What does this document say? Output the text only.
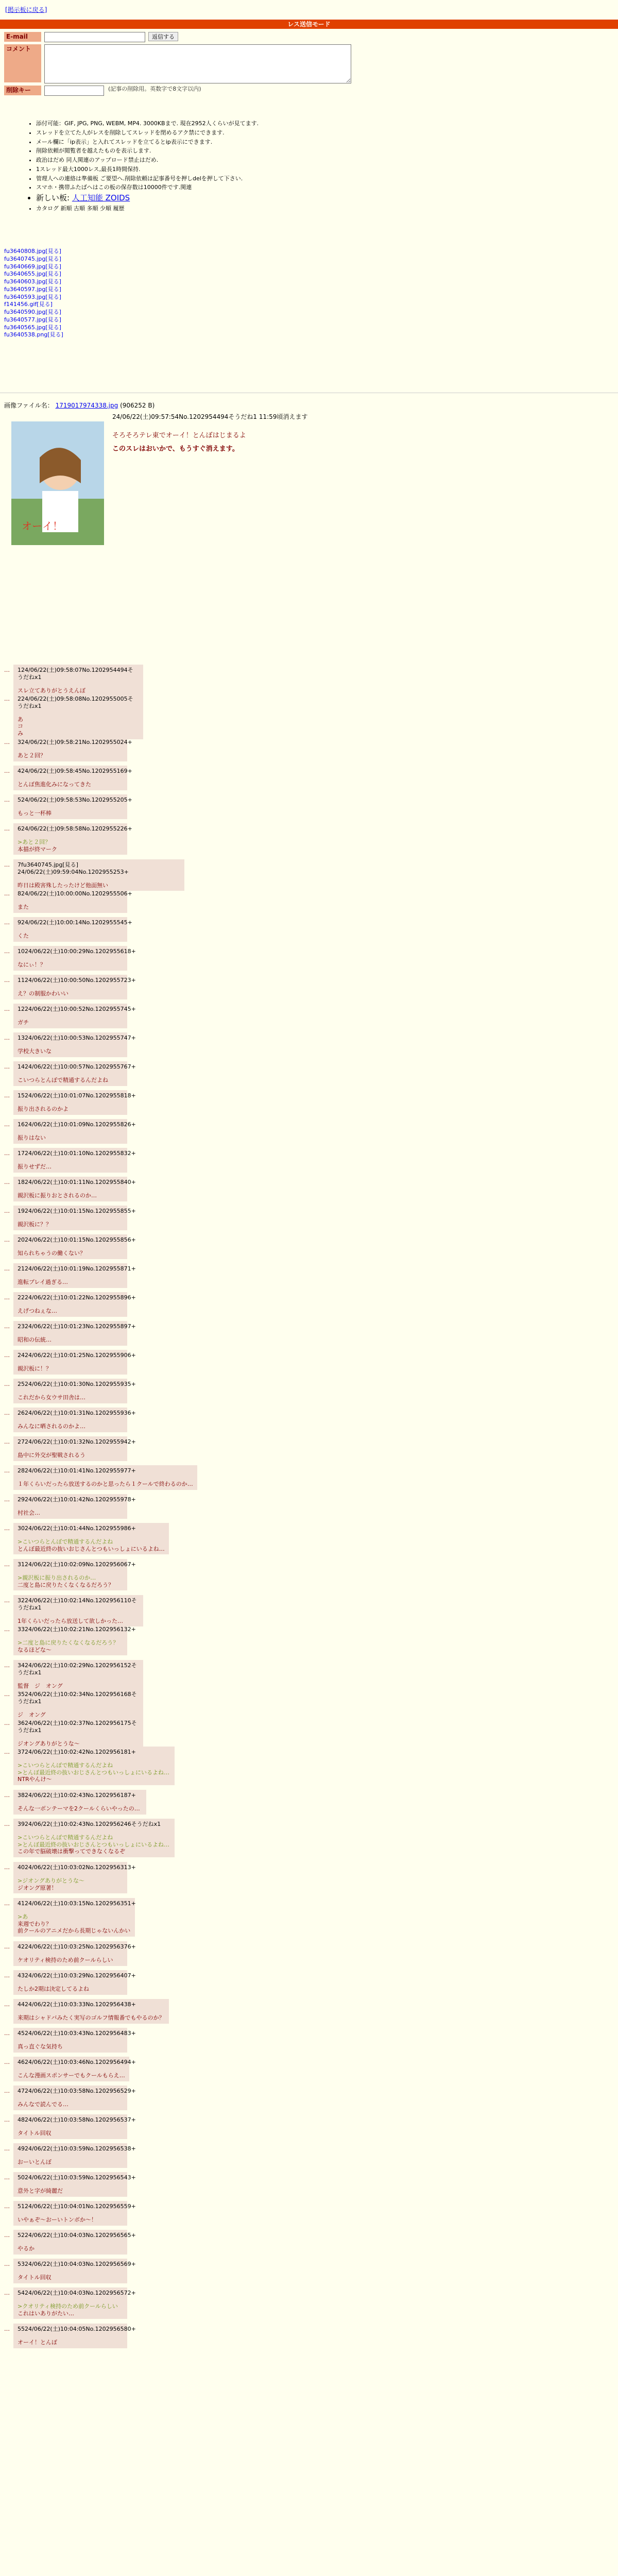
[掲示板に戻る]
レス送信モード
E-mail	返信する
コメント
削除キー	(記事の削除用。英数字で8文字以内)
• 添付可能：GIF, JPG, PNG, WEBM, MP4. 3000KBまで. 現在2952人くらいが見てます.
• スレッドを立てた人がレスを削除してスレッドを閉めるアク禁にできます.
• メール欄に「ip表示」と入れてスレッドを立てるとip表示にできます.
• 削除依頼が閲覧者を越えたものを表示します.
• 政治はだめ 同人関連のアップロード禁止はだめ.
• 1スレッド最大1000レス,最長1時間保持.
• 管理人への連絡は準備板 ご要望へ.削除依頼は記事番号を押しdelを押して下さい.
• スマホ・携帯ふたばへはこの板の保存数は10000件です.関連
• 新しい板: 人工知能 ZOIDS
• カタログ 新順 古順 多順 少順 履歴
fu3640808.jpg[見る]
fu3640745.jpg[見る]
fu3640669.jpg[見る]
fu3640655.jpg[見る]
fu3640603.jpg[見る]
fu3640597.jpg[見る]
fu3640593.jpg[見る]
f141456.gif[見る]
fu3640590.jpg[見る]
fu3640577.jpg[見る]
fu3640565.jpg[見る]
fu3640538.png[見る]
画像ファイル名： 1719017974338.jpg (906252 B)
オーイ！
24/06/22(土)09:57:54No.1202954494そうだね1 11:59頃消えます
そろそろテレ東でオーイ！とんぼはじまるよ
このスレはおいかで、もうすぐ消えます。
… 124/06/22(土)09:58:07No.1202954494そうだねx1
スレ立てありがとうえんぼ
… 224/06/22(土)09:58:08No.1202955005そうだねx1
あ
コ
み
… 324/06/22(土)09:58:21No.1202955024+
あと２回？
… 424/06/22(土)09:58:45No.1202955169+
とんぼ焦進化みになってきた
… 524/06/22(土)09:58:53No.1202955205+
もっと一杯棒
… 624/06/22(土)09:58:58No.1202955226+
>あと２回？
本描が終マーク
… 7fu3640745.jpg[見る] 24/06/22(土)09:59:04No.1202955253+
昨日は殿害殊したったけど他面無い
… 824/06/22(土)10:00:00No.1202955506+
また
… 924/06/22(土)10:00:14No.1202955545+
くた
… 1024/06/22(土)10:00:29No.1202955618+
なにぃ！？
… 1124/06/22(土)10:00:50No.1202955723+
え？の制服かわいい
… 1224/06/22(土)10:00:52No.1202955745+
ガチ
… 1324/06/22(土)10:00:53No.1202955747+
学校大きいな
… 1424/06/22(土)10:00:57No.1202955767+
こいつらとんぼで精通するんだよね
… 1524/06/22(土)10:01:07No.1202955818+
振り出されるのかよ
… 1624/06/22(土)10:01:09No.1202955826+
振りはない
… 1724/06/22(土)10:01:10No.1202955832+
振りせずだ…
… 1824/06/22(土)10:01:11No.1202955840+
親沢板に振りおとされるのか…
… 1924/06/22(土)10:01:15No.1202955855+
親沢板に？？
… 2024/06/22(土)10:01:15No.1202955856+
知られちゃうの働くない？
… 2124/06/22(土)10:01:19No.1202955871+
進転プレイ過ぎる…
… 2224/06/22(土)10:01:22No.1202955896+
えげつねぇな…
… 2324/06/22(土)10:01:23No.1202955897+
昭和の伝統…
… 2424/06/22(土)10:01:25No.1202955906+
親沢板に！？
… 2524/06/22(土)10:01:30No.1202955935+
これだから女ウサ田舎は…
… 2624/06/22(土)10:01:31No.1202955936+
みんなに晒されるのかよ…
… 2724/06/22(土)10:01:32No.1202955942+
島中に外交が聖戦されるう
… 2824/06/22(土)10:01:41No.1202955977+
１年くらいだったら放送するのかと思ったら１クールで終わるのか…
… 2924/06/22(土)10:01:42No.1202955978+
村社会…
… 3024/06/22(土)10:01:44No.1202955986+
>こいつらとんぼで精通するんだよね
とんぼ最近終の抜いおじさんとつもいっしょにいるよね…
… 3124/06/22(土)10:02:09No.1202956067+
>親沢板に振り出されるのか…
二度と島に戻りたくなくなるだろう？
… 3224/06/22(土)10:02:14No.1202956110そうだねx1
1年くらいだったら放送して欲しかった…
… 3324/06/22(土)10:02:21No.1202956132+
>二度と島に戻りたくなくなるだろう？
なるほどな～
… 3424/06/22(土)10:02:29No.1202956152そうだねx1
監督　ジ　オング
… 3524/06/22(土)10:02:34No.1202956168そうだねx1
ジ　オング
… 3624/06/22(土)10:02:37No.1202956175そうだねx1
ジオングありがとうな～
… 3724/06/22(土)10:02:42No.1202956181+
>こいつらとんぼで精通するんだよね
>とんぼ最近終の抜いおじさんとつもいっしょにいるよね…
NTRやんけ～
… 3824/06/22(土)10:02:43No.1202956187+
そんな一ボンテーマを2クールくらいやったの…
… 3924/06/22(土)10:02:43No.1202956246そうだねx1
>こいつらとんぼで精通するんだよね
>とんぼ最近終の抜いおじさんとつもいっしょにいるよね…
この年で脳破壊は衝撃ってできなくなるぞ
… 4024/06/22(土)10:03:02No.1202956313+
>ジオングありがとうな～
ジオング原著！
… 4124/06/22(土)10:03:15No.1202956351+
>あ
来週でわり？
前クールのアニメだから長期じゃないんかい
… 4224/06/22(土)10:03:25No.1202956376+
ケオリティ検持のため前クールらしい
… 4324/06/22(土)10:03:29No.1202956407+
たしか2期は決定してるよね
… 4424/06/22(土)10:03:33No.1202956438+
来期はシャドバみたく実写のゴルフ情報番でもやるのか？
… 4524/06/22(土)10:03:43No.1202956483+
真っ直ぐな気持ち
… 4624/06/22(土)10:03:46No.1202956494+
こんな漫画スポンサーでもクールもらえ…
… 4724/06/22(土)10:03:58No.1202956529+
みんなで読んでる…
… 4824/06/22(土)10:03:58No.1202956537+
タイトル回収
… 4924/06/22(土)10:03:59No.1202956538+
おーいとんぼ
… 5024/06/22(土)10:03:59No.1202956543+
意外と字が綺麗だ
… 5124/06/22(土)10:04:01No.1202956559+
いやぁぞ～おーいトンボか～！
… 5224/06/22(土)10:04:03No.1202956565+
やるか
… 5324/06/22(土)10:04:03No.1202956569+
タイトル回収
… 5424/06/22(土)10:04:03No.1202956572+
>クオリティ検持のため前クールらしい
これはいありがたい…
… 5524/06/22(土)10:04:05No.1202956580+
オーイ！とんぼ
